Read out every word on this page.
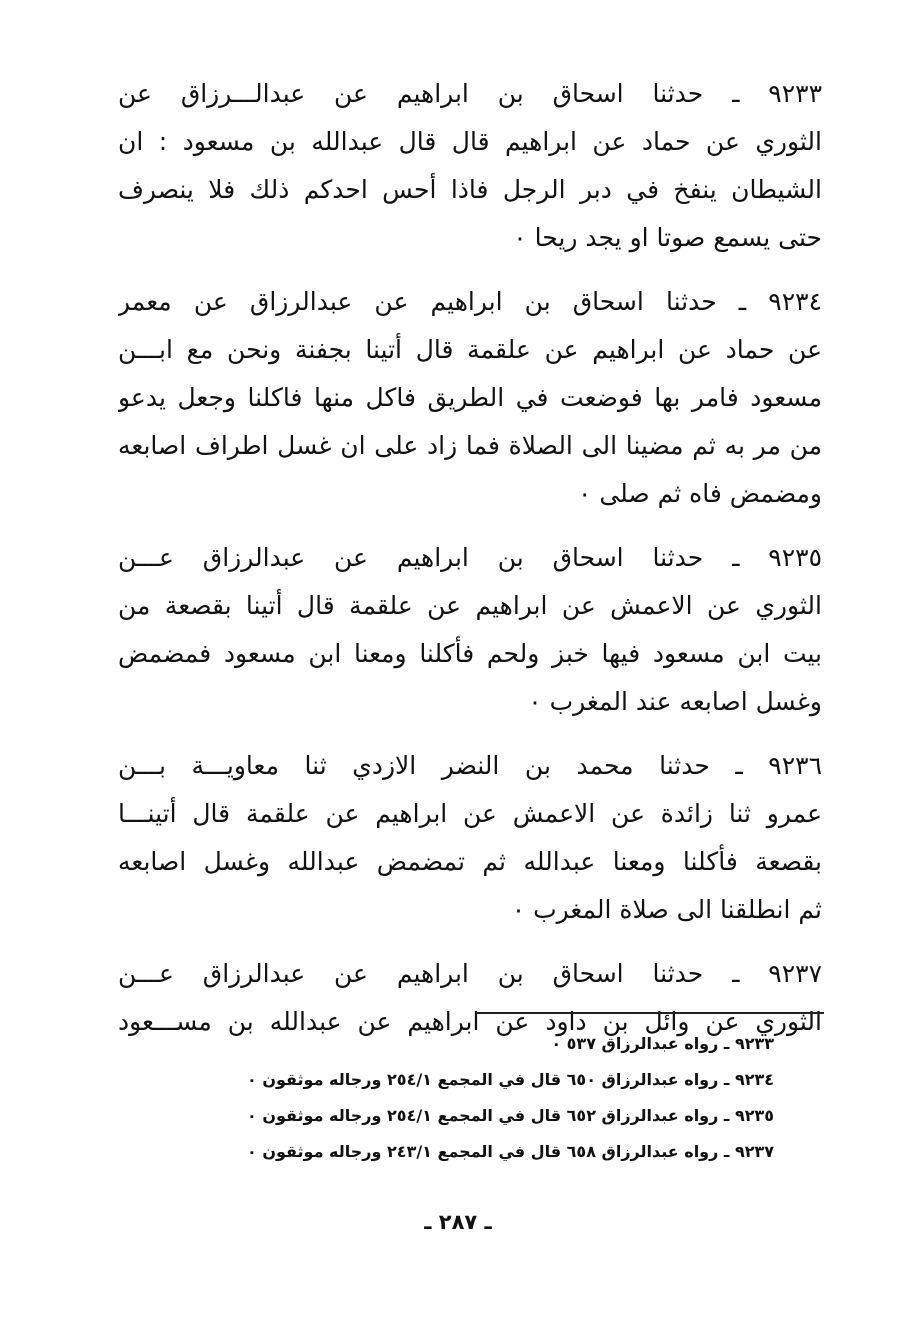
٩٢٣٣ ـ حدثنا اسحاق بن ابراهيم عن عبدالـــرزاق عن
الثوري عن حماد عن ابراهيم قال قال عبدالله بن مسعود : ان
الشيطان ينفخ في دبر الرجل فاذا أحس احدكم ذلك فلا ينصرف
حتى يسمع صوتا او يجد ريحا ٠
٩٢٣٤ ـ حدثنا اسحاق بن ابراهيم عن عبدالرزاق عن معمر
عن حماد عن ابراهيم عن علقمة قال أتينا بجفنة ونحن مع ابـــن
مسعود فامر بها فوضعت في الطريق فاكل منها فاكلنا وجعل يدعو
من مر به ثم مضينا الى الصلاة فما زاد على ان غسل اطراف اصابعه
ومضمض فاه ثم صلى ٠
٩٢٣٥ ـ حدثنا اسحاق بن ابراهيم عن عبدالرزاق عـــن
الثوري عن الاعمش عن ابراهيم عن علقمة قال أتينا بقصعة من
بيت ابن مسعود فيها خبز ولحم فأكلنا ومعنا ابن مسعود فمضمض
وغسل اصابعه عند المغرب ٠
٩٢٣٦ ـ حدثنا محمد بن النضر الازدي ثنا معاويـــة بـــن
عمرو ثنا زائدة عن الاعمش عن ابراهيم عن علقمة قال أتينـــا
بقصعة فأكلنا ومعنا عبدالله ثم تمضمض عبدالله وغسل اصابعه
ثم انطلقنا الى صلاة المغرب ٠
٩٢٣٧ ـ حدثنا اسحاق بن ابراهيم عن عبدالرزاق عـــن
الثوري عن وائل بن داود عن ابراهيم عن عبدالله بن مســـعود
٩٢٣٣ ـ رواه عبدالرزاق ٥٣٧ ٠
٩٢٣٤ ـ رواه عبدالرزاق ٦٥٠ قال في المجمع ٢٥٤/١ ورجاله موثقون ٠
٩٢٣٥ ـ رواه عبدالرزاق ٦٥٢ قال في المجمع ٢٥٤/١ ورجاله موثقون ٠
٩٢٣٧ ـ رواه عبدالرزاق ٦٥٨ قال في المجمع ٢٤٣/١ ورجاله موثقون ٠
ـ ٢٨٧ ـ
